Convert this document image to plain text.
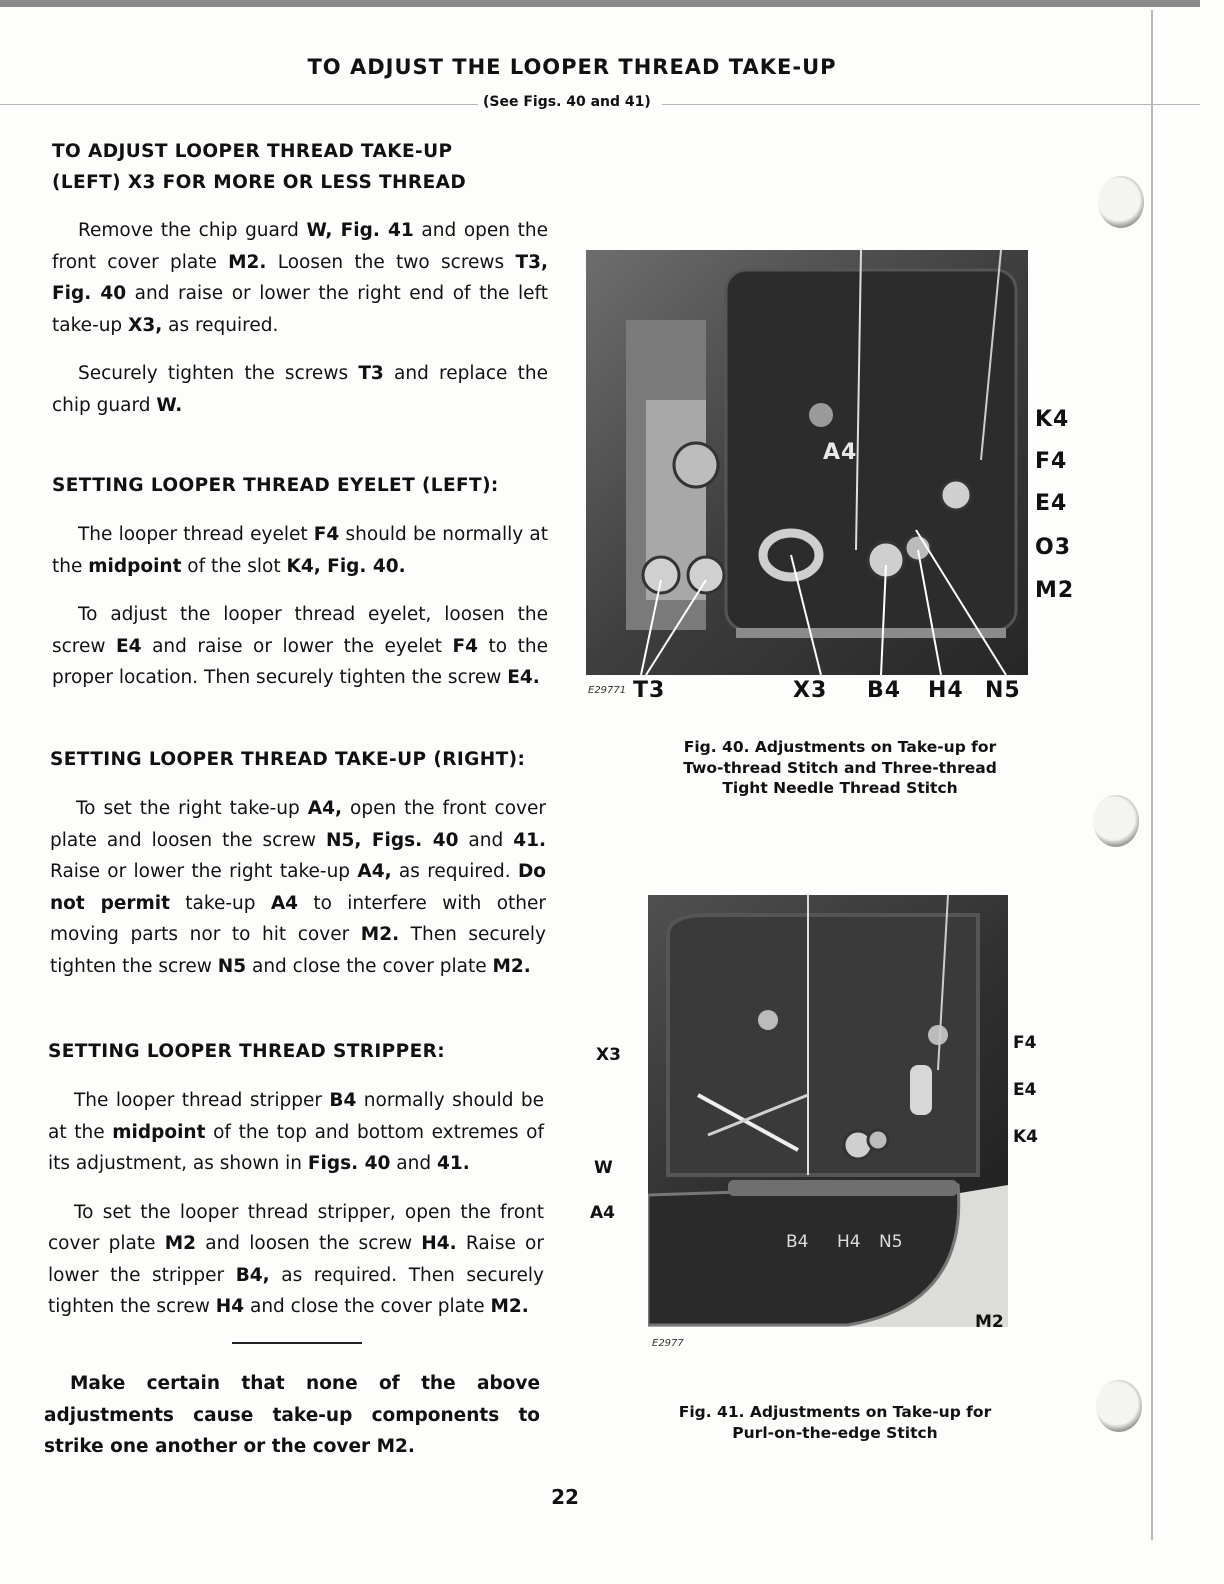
TO ADJUST THE LOOPER THREAD TAKE-UP
(See Figs. 40 and 41)

TO ADJUST LOOPER THREAD TAKE-UP
(LEFT) X3 FOR MORE OR LESS THREAD

Remove the chip guard W, Fig. 41 and open the front cover plate M2. Loosen the two screws T3, Fig. 40 and raise or lower the right end of the left take-up X3, as required.

Securely tighten the screws T3 and replace the chip guard W.

SETTING LOOPER THREAD EYELET (LEFT):

The looper thread eyelet F4 should be normally at the midpoint of the slot K4, Fig. 40.

To adjust the looper thread eyelet, loosen the screw E4 and raise or lower the eyelet F4 to the proper location. Then securely tighten the screw E4.

SETTING LOOPER THREAD TAKE-UP (RIGHT):

To set the right take-up A4, open the front cover plate and loosen the screw N5, Figs. 40 and 41. Raise or lower the right take-up A4, as required. Do not permit take-up A4 to interfere with other moving parts nor to hit cover M2. Then securely tighten the screw N5 and close the cover plate M2.

SETTING LOOPER THREAD STRIPPER:

The looper thread stripper B4 normally should be at the midpoint of the top and bottom extremes of its adjustment, as shown in Figs. 40 and 41.

To set the looper thread stripper, open the front cover plate M2 and loosen the screw H4. Raise or lower the stripper B4, as required. Then securely tighten the screw H4 and close the cover plate M2.

Make certain that none of the above adjustments cause take-up components to strike one another or the cover M2.

E29771 T3	X3 B4 H4 N5
K4
F4
E4
O3
M2
A4
Fig. 40. Adjustments on Take-up for
Two-thread Stitch and Three-thread
Tight Needle Thread Stitch
B4 H4 N5
X3
W
A4
F4
E4
K4
M2
E2977
Fig. 41. Adjustments on Take-up for
Purl-on-the-edge Stitch
22
